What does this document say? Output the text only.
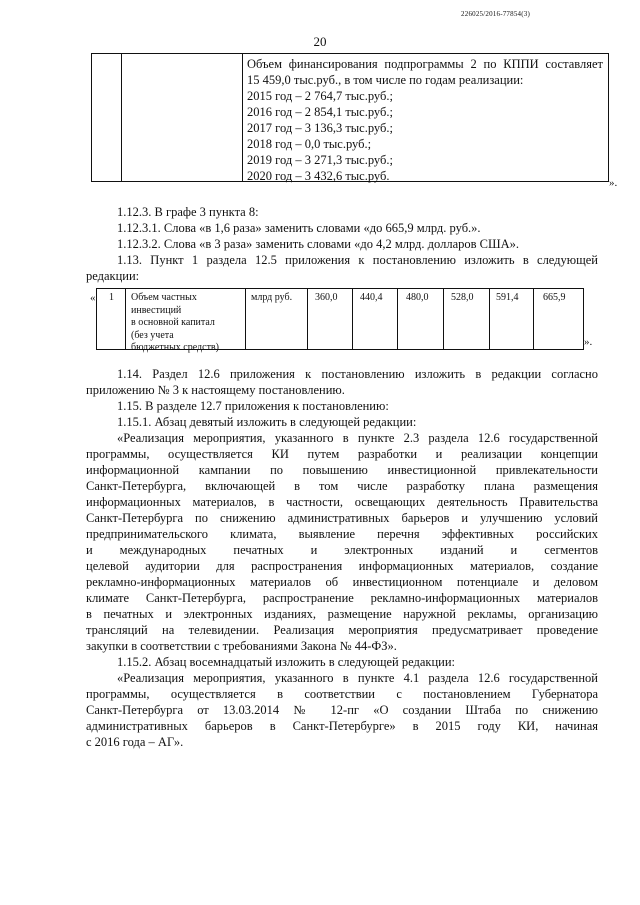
226025/2016-77854(3)
20
Объем финансирования подпрограммы 2 по КППИ составляет
15 459,0 тыс.руб., в том числе по годам реализации:
2015 год – 2 764,7 тыс.руб.;
2016 год – 2 854,1 тыс.руб.;
2017 год – 3 136,3 тыс.руб.;
2018 год – 0,0 тыс.руб.;
2019 год – 3 271,3 тыс.руб.;
2020 год – 3 432,6 тыс.руб.	».
1.12.3. В графе 3 пункта 8:
1.12.3.1. Слова «в 1,6 раза» заменить словами «до 665,9 млрд. руб.».
1.12.3.2. Слова «в 3 раза» заменить словами «до 4,2 млрд. долларов США».
1.13. Пункт 1 раздела 12.5 приложения к постановлению изложить в следующей
редакции:
« 1 Объем частных
инвестиций
в основной капитал
(без учета
бюджетных средств)
млрд руб. 360,0 440,4 480,0 528,0 591,4 665,9
».
1.14. Раздел 12.6 приложения к постановлению изложить в редакции согласно
приложению № 3 к настоящему постановлению.
1.15. В разделе 12.7 приложения к постановлению:
1.15.1. Абзац девятый изложить в следующей редакции:
«Реализация мероприятия, указанного в пункте 2.3 раздела 12.6 государственной
программы, осуществляется КИ путем разработки и реализации концепции
информационной кампании по повышению инвестиционной привлекательности
Санкт-Петербурга, включающей в том числе разработку плана размещения
информационных материалов, в частности, освещающих деятельность Правительства
Санкт-Петербурга по снижению административных барьеров и улучшению условий
предпринимательского климата, выявление перечня эффективных российских
и международных печатных и электронных изданий и сегментов
целевой аудитории для распространения информационных материалов, создание
рекламно-информационных материалов об инвестиционном потенциале и деловом
климате Санкт-Петербурга, распространение рекламно-информационных материалов
в печатных и электронных изданиях, размещение наружной рекламы, организацию
трансляций на телевидении. Реализация мероприятия предусматривает проведение
закупки в соответствии с требованиями Закона № 44-ФЗ».
1.15.2. Абзац восемнадцатый изложить в следующей редакции:
«Реализация мероприятия, указанного в пункте 4.1 раздела 12.6 государственной
программы, осуществляется в соответствии с постановлением Губернатора
Санкт-Петербурга от 13.03.2014 № 12-пг «О создании Штаба по снижению
административных барьеров в Санкт-Петербурге» в 2015 году КИ, начиная
с 2016 года – АГ».
